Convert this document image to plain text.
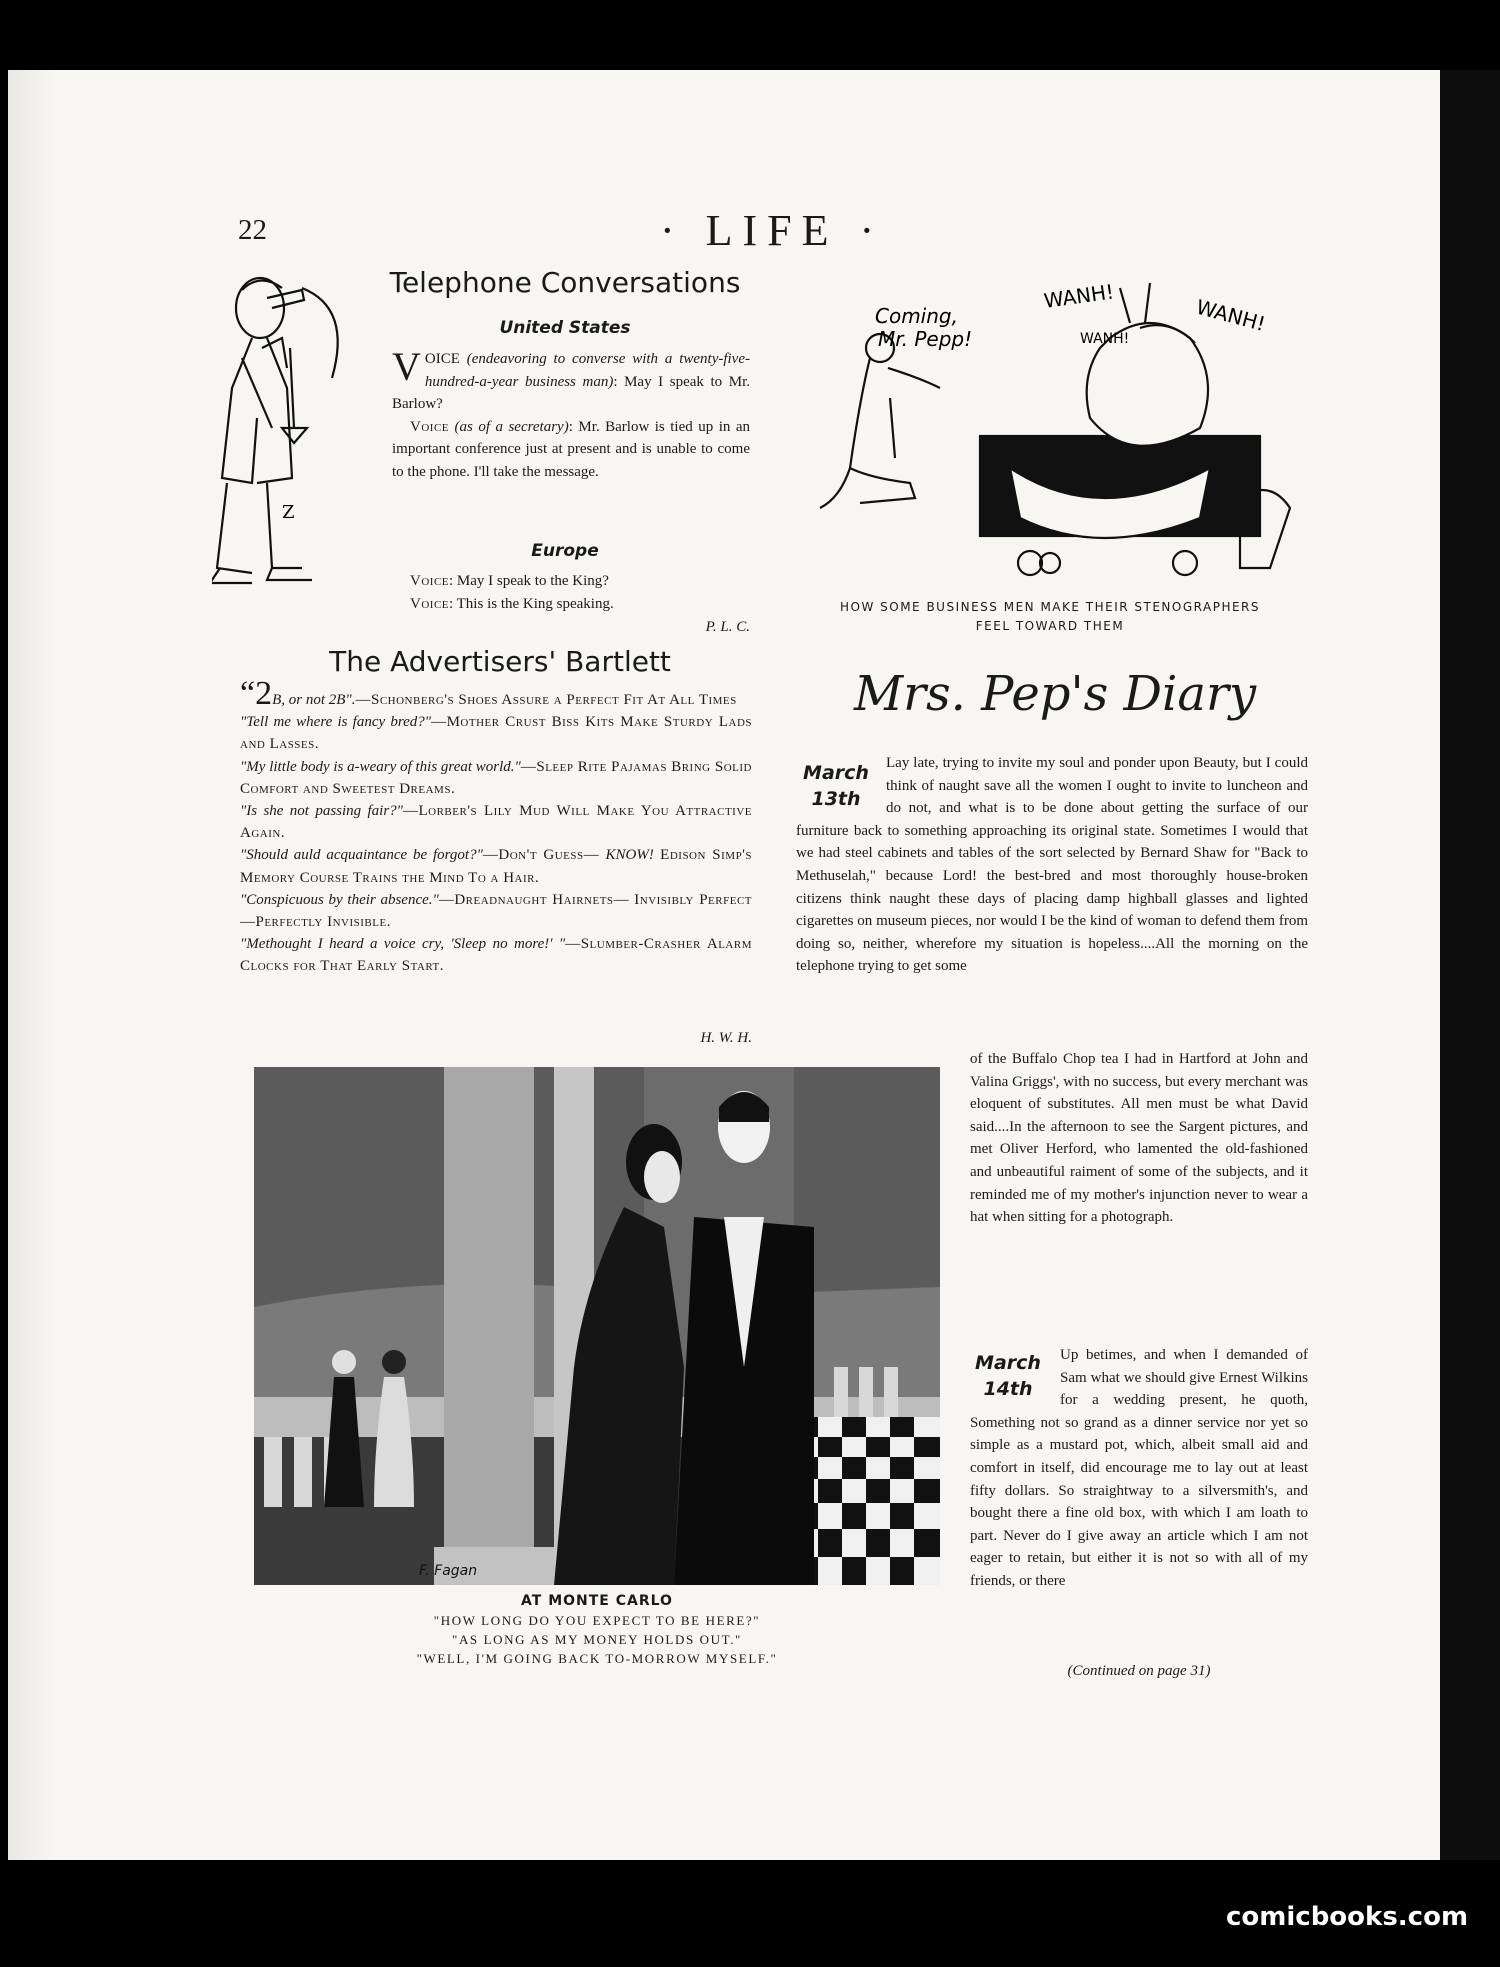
22	· LIFE ·
Z
Telephone Conversations
United States

VOICE (endeavoring to converse with a twenty-five-hundred-a-year business man): May I speak to Mr. Barlow?

Voice (as of a secretary): Mr. Barlow is tied up in an important conference just at present and is unable to come to the phone. I'll take the message.

Europe

Voice: May I speak to the King?

Voice: This is the King speaking.

P. L. C.
Coming,
Mr. Pepp!
WANH!
WANH!
WANH!
HOW SOME BUSINESS MEN MAKE THEIR STENOGRAPHERS
FEEL TOWARD THEM
The Advertisers' Bartlett

“2B, or not 2B".—Schonberg's Shoes Assure a Perfect Fit At All Times

"Tell me where is fancy bred?"—Mother Crust Biss Kits Make Sturdy Lads and Lasses.

"My little body is a-weary of this great world."—Sleep Rite Pajamas Bring Solid Comfort and Sweetest Dreams.

"Is she not passing fair?"—Lorber's Lily Mud Will Make You Attractive Again.

"Should auld acquaintance be forgot?"—Don't Guess— KNOW! Edison Simp's Memory Course Trains the Mind To a Hair.

"Conspicuous by their absence."—Dreadnaught Hairnets— Invisibly Perfect—Perfectly Invisible.

"Methought I heard a voice cry, 'Sleep no more!' "—Slumber-Crasher Alarm Clocks for That Early Start.

H. W. H.
F. Fagan
AT MONTE CARLO
"HOW LONG DO YOU EXPECT TO BE HERE?"
"AS LONG AS MY MONEY HOLDS OUT."
"WELL, I'M GOING BACK TO-MORROW MYSELF."
Mrs. Pep's Diary
March
13th

Lay late, trying to invite my soul and ponder upon Beauty, but I could think of naught save all the women I ought to invite to luncheon and do not, and what is to be done about getting the surface of our furniture back to something approaching its original state. Sometimes I would that we had steel cabinets and tables of the sort selected by Bernard Shaw for "Back to Methuselah," because Lord! the best-bred and most thoroughly house-broken citizens think naught these days of placing damp highball glasses and lighted cigarettes on museum pieces, nor would I be the kind of woman to defend them from doing so, neither, wherefore my situation is hopeless....All the morning on the telephone trying to get some

of the Buffalo Chop tea I had in Hartford at John and Valina Griggs', with no success, but every merchant was eloquent of substitutes. All men must be what David said....In the afternoon to see the Sargent pictures, and met Oliver Herford, who lamented the old-fashioned and unbeautiful raiment of some of the subjects, and it reminded me of my mother's injunction never to wear a hat when sitting for a photograph.
March
14th

Up betimes, and when I demanded of Sam what we should give Ernest Wilkins for a wedding present, he quoth, Something not so grand as a dinner service nor yet so simple as a mustard pot, which, albeit small aid and comfort in itself, did encourage me to lay out at least fifty dollars. So straightway to a silversmith's, and bought there a fine old box, with which I am loath to part. Never do I give away an article which I am not eager to retain, but either it is not so with all of my friends, or there

(Continued on page 31)
comicbooks.com
